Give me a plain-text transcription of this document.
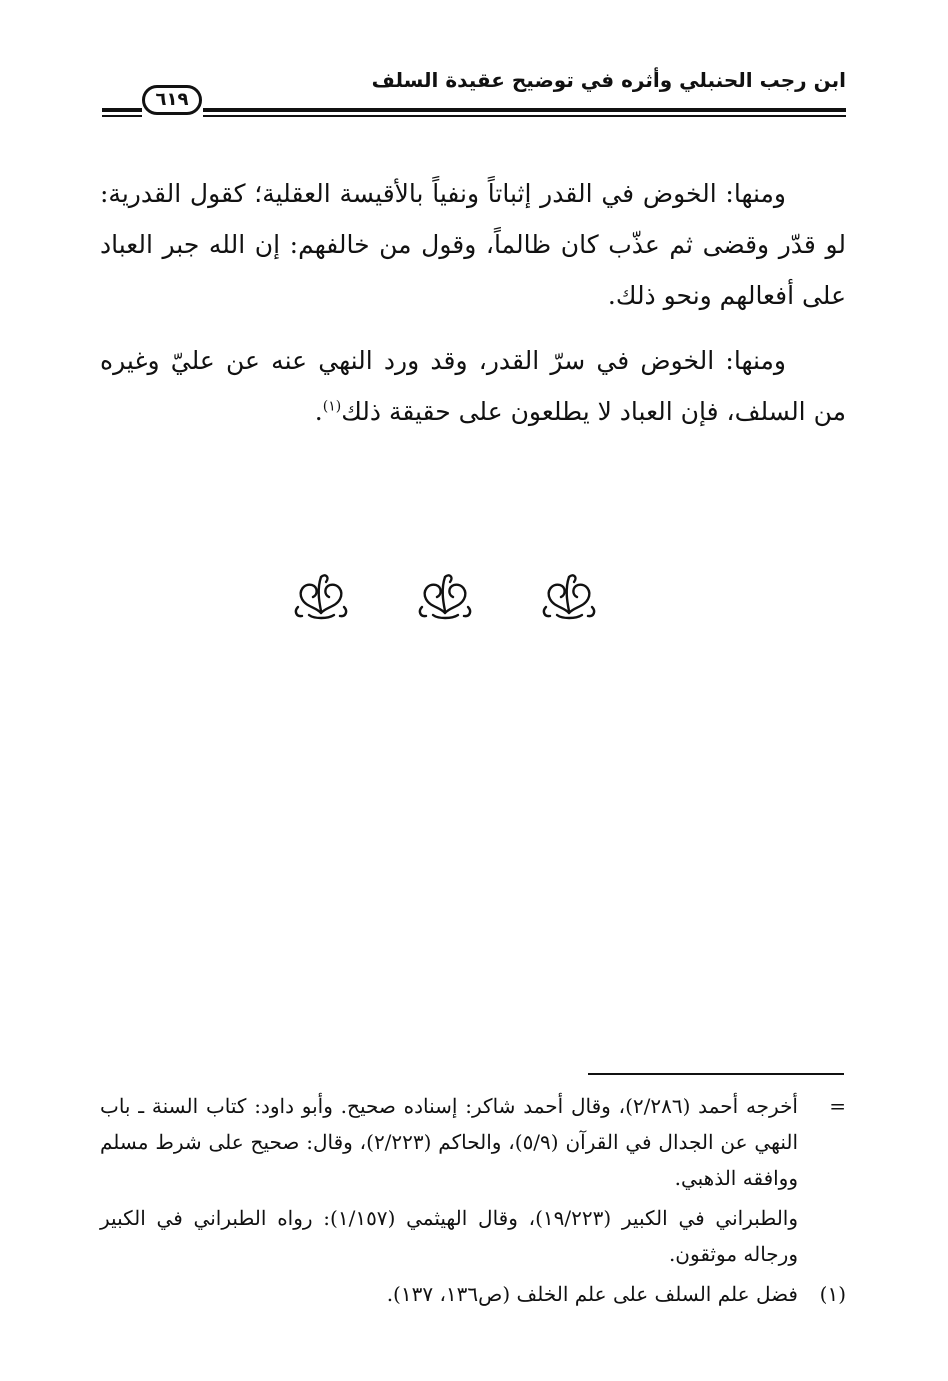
ابن رجب الحنبلي وأثره في توضيح عقيدة السلف
٦١٩

ومنها: الخوض في القدر إثباتاً ونفياً بالأقيسة العقلية؛ كقول القدرية: لو قدّر وقضى ثم عذّب كان ظالماً، وقول من خالفهم: إن الله جبر العباد على أفعالهم ونحو ذلك.

ومنها: الخوض في سرّ القدر، وقد ورد النهي عنه عن عليّ وغيره من السلف، فإن العباد لا يطلعون على حقيقة ذلك$^{(١)}$.

=

أخرجه أحمد (٢/٢٨٦)، وقال أحمد شاكر: إسناده صحيح. وأبو داود: كتاب السنة ـ باب النهي عن الجدال في القرآن (٥/٩)، والحاكم (٢/٢٢٣)، وقال: صحيح على شرط مسلم ووافقه الذهبي.

والطبراني في الكبير (١٩/٢٢٣)، وقال الهيثمي (١/١٥٧): رواه الطبراني في الكبير ورجاله موثقون.

(١)

فضل علم السلف على علم الخلف (ص١٣٦، ١٣٧).
